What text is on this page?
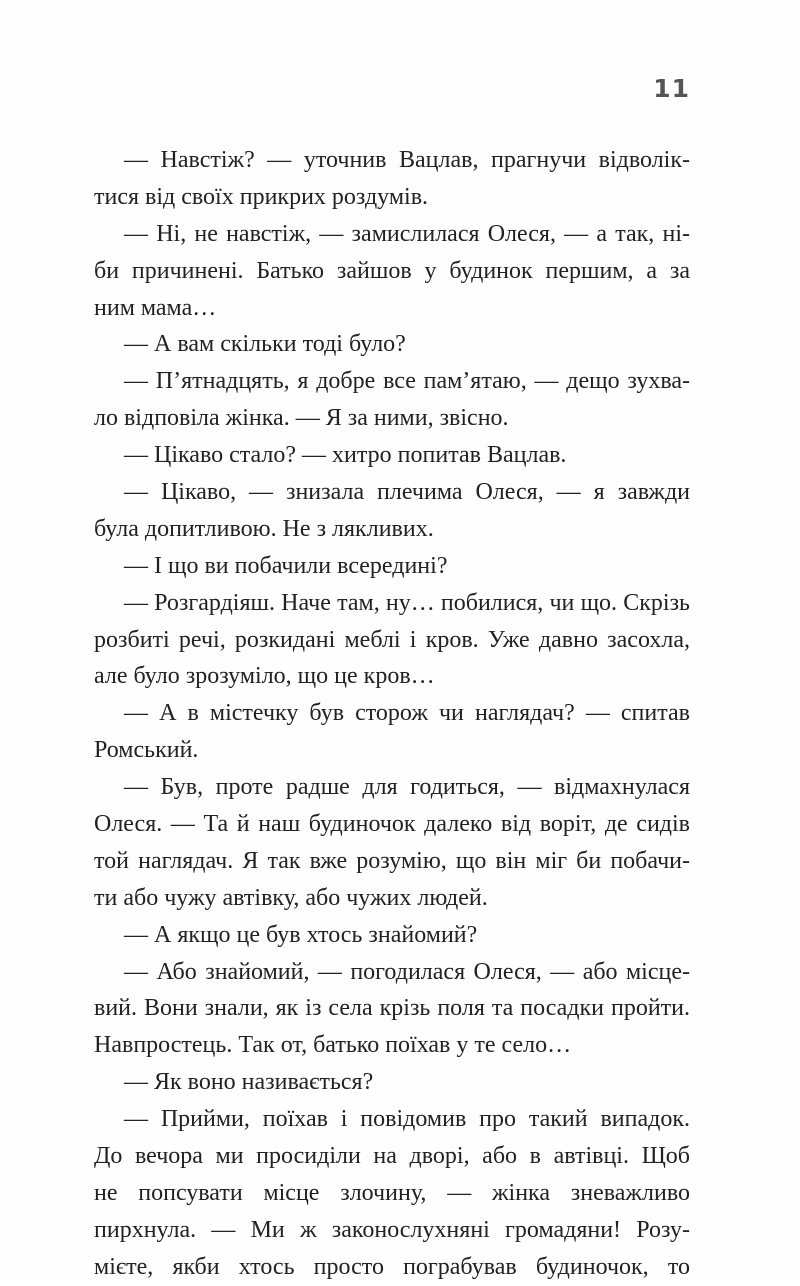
11
— Навстіж? — уточнив Вацлав, прагнучи відволік-
тися від своїх прикрих роздумів.
— Ні, не навстіж, — замислилася Олеся, — а так, ні-
би причинені. Батько зайшов у будинок першим, а за
ним мама…
— А вам скільки тоді було?
— П’ятнадцять, я добре все пам’ятаю, — дещо зухва-
ло відповіла жінка. — Я за ними, звісно.
— Цікаво стало? — хитро попитав Вацлав.
— Цікаво, — знизала плечима Олеся, — я завжди
була допитливою. Не з лякливих.
— І що ви побачили всередині?
— Розгардіяш. Наче там, ну… побилися, чи що. Скрізь
розбиті речі, розкидані меблі і кров. Уже давно засохла,
але було зрозуміло, що це кров…
— А в містечку був сторож чи наглядач? — спитав
Ромський.
— Був, проте радше для годиться, — відмахнулася
Олеся. — Та й наш будиночок далеко від воріт, де сидів
той наглядач. Я так вже розумію, що він міг би побачи-
ти або чужу автівку, або чужих людей.
— А якщо це був хтось знайомий?
— Або знайомий, — погодилася Олеся, — або місце-
вий. Вони знали, як із села крізь поля та посадки пройти.
Навпростець. Так от, батько поїхав у те село…
— Як воно називається?
— Прийми, поїхав і повідомив про такий випадок.
До вечора ми просиділи на дворі, або в автівці. Щоб
не попсувати місце злочину, — жінка зневажливо
пирхнула. — Ми ж законослухняні громадяни! Розу-
мієте, якби хтось просто пограбував будиночок, то
